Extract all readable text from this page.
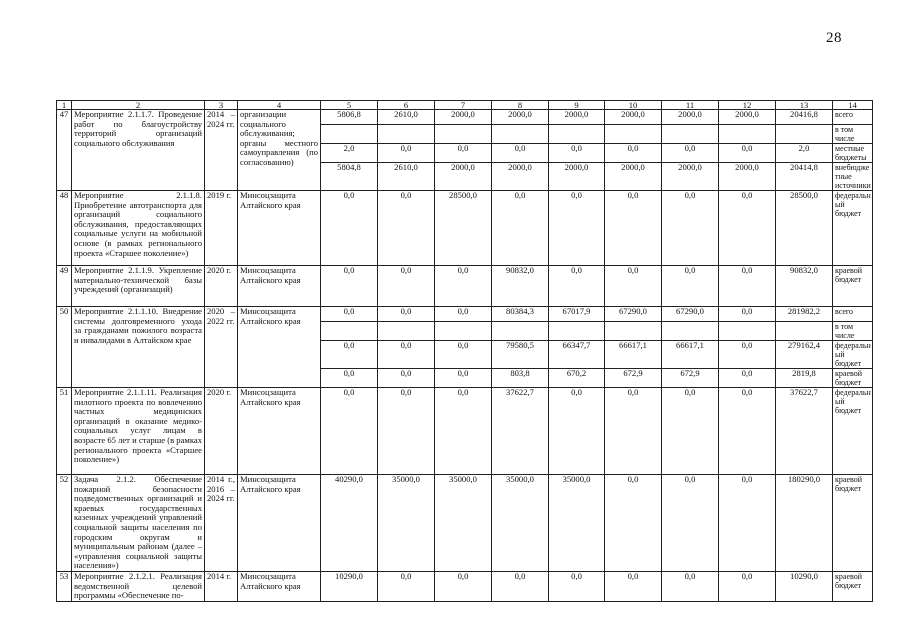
28
1	2	3	4	5	6	7	8	9	10	11	12	13	14
47	Мероприятие 2.1.1.7. Проведение работ по благоустройству территорий организаций социального обслуживания	2014 – 2024 гг.	организации социального обслуживания; органы местного самоуправления (по согласованию)	5806,8	2610,0	2000,0	2000,0	2000,0	2000,0	2000,0	2000,0	20416,8	всего
													в том числе
				2,0	0,0	0,0	0,0	0,0	0,0	0,0	0,0	2,0	местные бюджеты
				5804,8	2610,0	2000,0	2000,0	2000,0	2000,0	2000,0	2000,0	20414,8	внебюджетные источники
48	Мероприятие 2.1.1.8. Приобретение автотранспорта для организаций социального обслуживания, предоставляющих социальные услуги на мобильной основе (в рамках регионального проекта «Старшее поколение»)	2019 г.	Минсоцзащита Алтайского края	0,0	0,0	28500,0	0,0	0,0	0,0	0,0	0,0	28500,0	федеральный бюджет
49	Мероприятие 2.1.1.9. Укрепление материально-технической базы учреждений (организаций)	2020 г.	Минсоцзащита Алтайского края	0,0	0,0	0,0	90832,0	0,0	0,0	0,0	0,0	90832,0	краевой бюджет
50	Мероприятие 2.1.1.10. Внедрение системы долговременного ухода за гражданами пожилого возраста и инвалидами в Алтайском крае	2020 – 2022 гг.	Минсоцзащита Алтайского края	0,0	0,0	0,0	80384,3	67017,9	67290,0	67290,0	0,0	281982,2	всего
													в том числе
				0,0	0,0	0,0	79580,5	66347,7	66617,1	66617,1	0,0	279162,4	федеральный бюджет
				0,0	0,0	0,0	803,8	670,2	672,9	672,9	0,0	2819,8	краевой бюджет
51	Мероприятие 2.1.1.11. Реализация пилотного проекта по вовлечению частных медицинских организаций в оказание медико-социальных услуг лицам в возрасте 65 лет и старше (в рамках регионального проекта «Старшее поколение»)	2020 г.	Минсоцзащита Алтайского края	0,0	0,0	0,0	37622,7	0,0	0,0	0,0	0,0	37622,7	федеральный бюджет
52	Задача 2.1.2. Обеспечение пожарной безопасности подведомственных организаций и краевых государственных казенных учреждений управлений социальной защиты населения по городским округам и муниципальным районам (далее – «управления социальной защиты населения»)	2014 г., 2016 – 2024 гг.	Минсоцзащита Алтайского края	40290,0	35000,0	35000,0	35000,0	35000,0	0,0	0,0	0,0	180290,0	краевой бюджет
53	Мероприятие 2.1.2.1. Реализация ведомственной целевой программы «Обеспечение по-	2014 г.	Минсоцзащита Алтайского края	10290,0	0,0	0,0	0,0	0,0	0,0	0,0	0,0	10290,0	краевой бюджет
